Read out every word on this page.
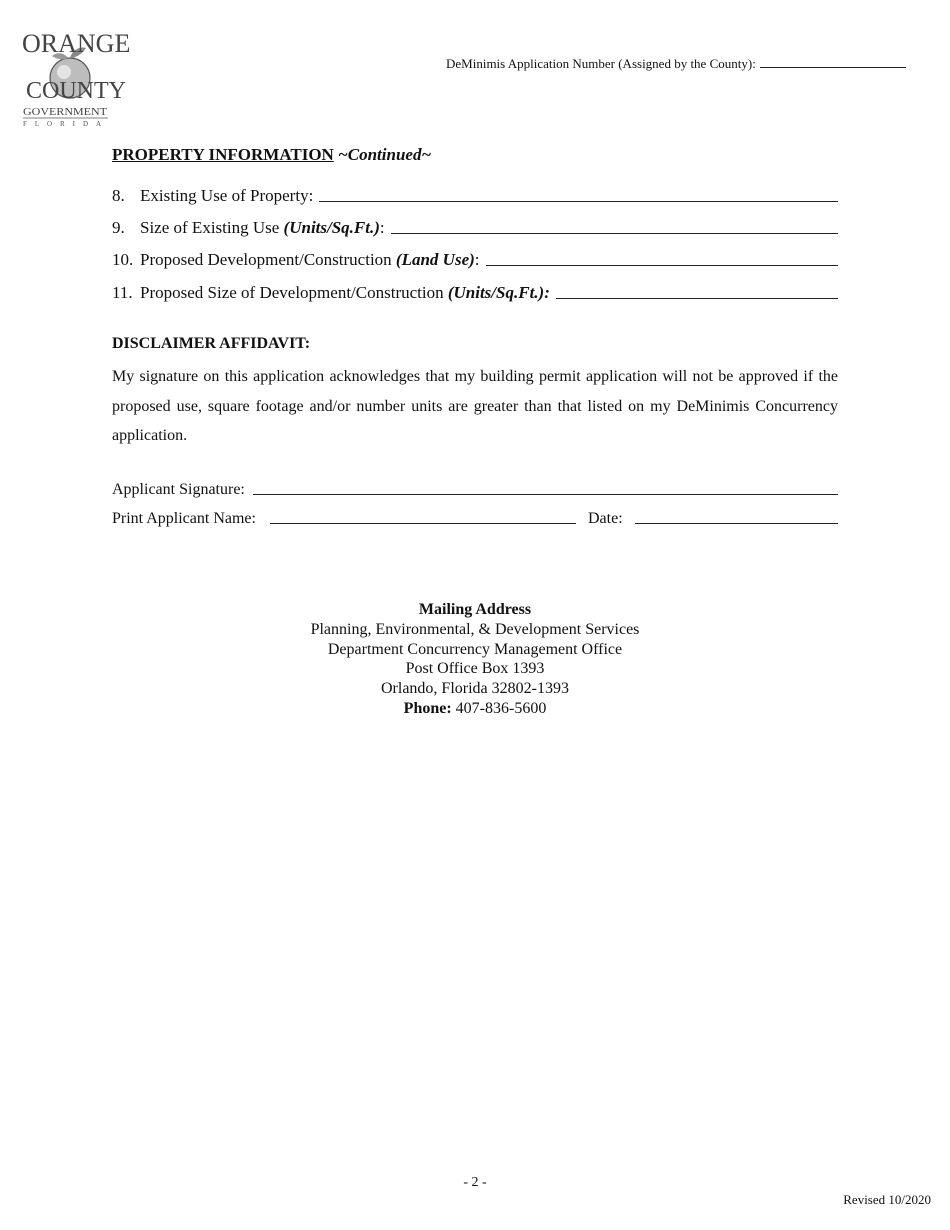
ORANGE
COUNTY
GOVERNMENT
FLORIDA
DeMinimis Application Number (Assigned by the County):
PROPERTY INFORMATION ~Continued~
8. Existing Use of Property:
9. Size of Existing Use (Units/Sq.Ft.):
10. Proposed Development/Construction (Land Use):
11. Proposed Size of Development/Construction (Units/Sq.Ft.):
DISCLAIMER AFFIDAVIT:
My signature on this application acknowledges that my building permit application will not be approved if the proposed use, square footage and/or number units are greater than that listed on my DeMinimis Concurrency application.
Applicant Signature:
Print Applicant Name:	Date:
Mailing Address
Planning, Environmental, & Development Services
Department Concurrency Management Office
Post Office Box 1393
Orlando, Florida 32802-1393
Phone: 407-836-5600
- 2 -
Revised 10/2020
